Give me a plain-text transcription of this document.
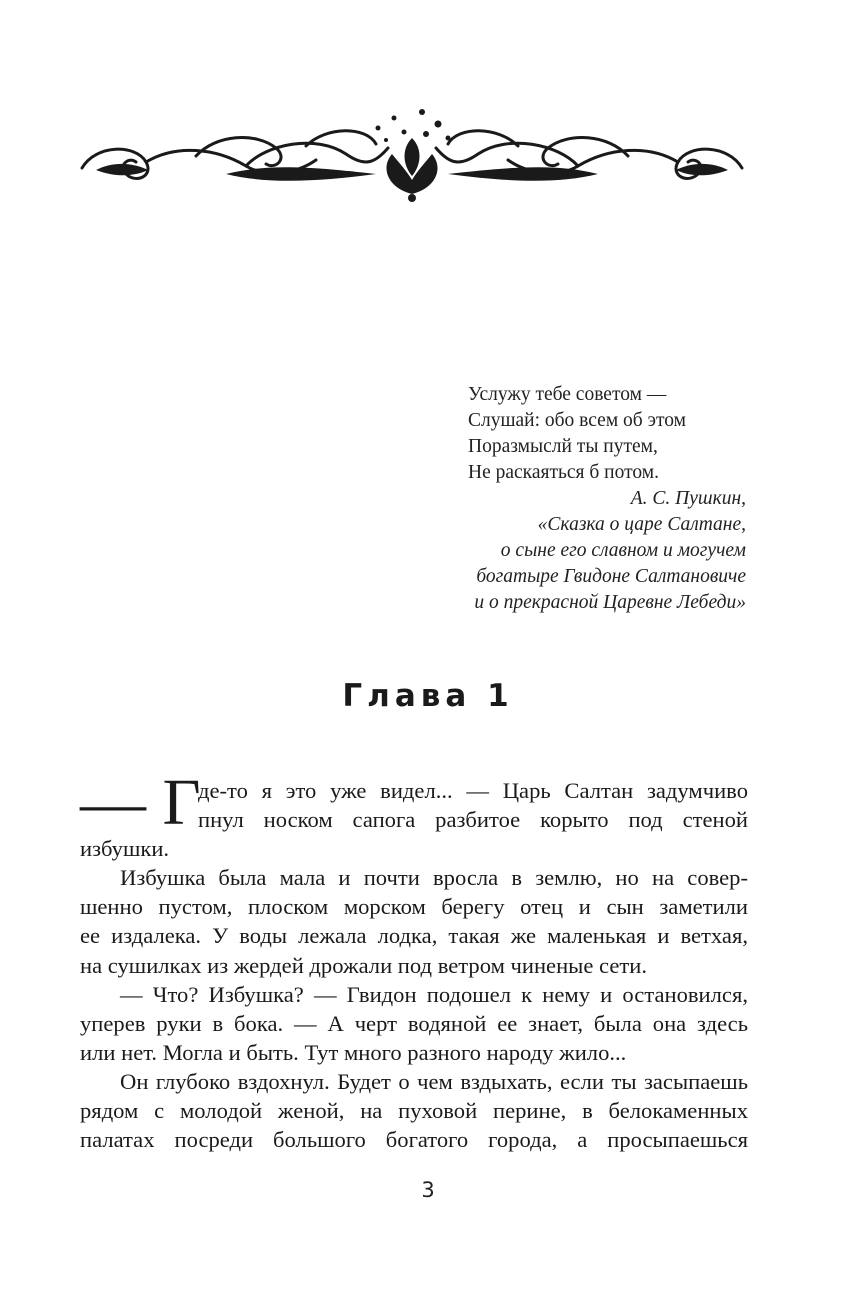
Услужу тебе советом —
Слушай: обо всем об этом
Поразмыслй ты путем,
Не раскаяться б потом.
А. С. Пушкин,
«Сказка о царе Салтане,
о сыне его славном и могучем
богатыре Гвидоне Салтановиче
и о прекрасной Царевне Лебеди»
Глава 1
— Г
де-то я это уже видел... — Царь Салтан задумчиво
пнул носком сапога разбитое корыто под стеной
избушки.
Избушка была мала и почти вросла в землю, но на совер-
шенно пустом, плоском морском берегу отец и сын заметили
ее издалека. У воды лежала лодка, такая же маленькая и ветхая,
на сушилках из жердей дрожали под ветром чиненые сети.
— Что? Избушка? — Гвидон подошел к нему и остановился,
уперев руки в бока. — А черт водяной ее знает, была она здесь
или нет. Могла и быть. Тут много разного народу жило...
Он глубоко вздохнул. Будет о чем вздыхать, если ты засыпаешь
рядом с молодой женой, на пуховой перине, в белокаменных
палатах посреди большого богатого города, а просыпаешься
3
